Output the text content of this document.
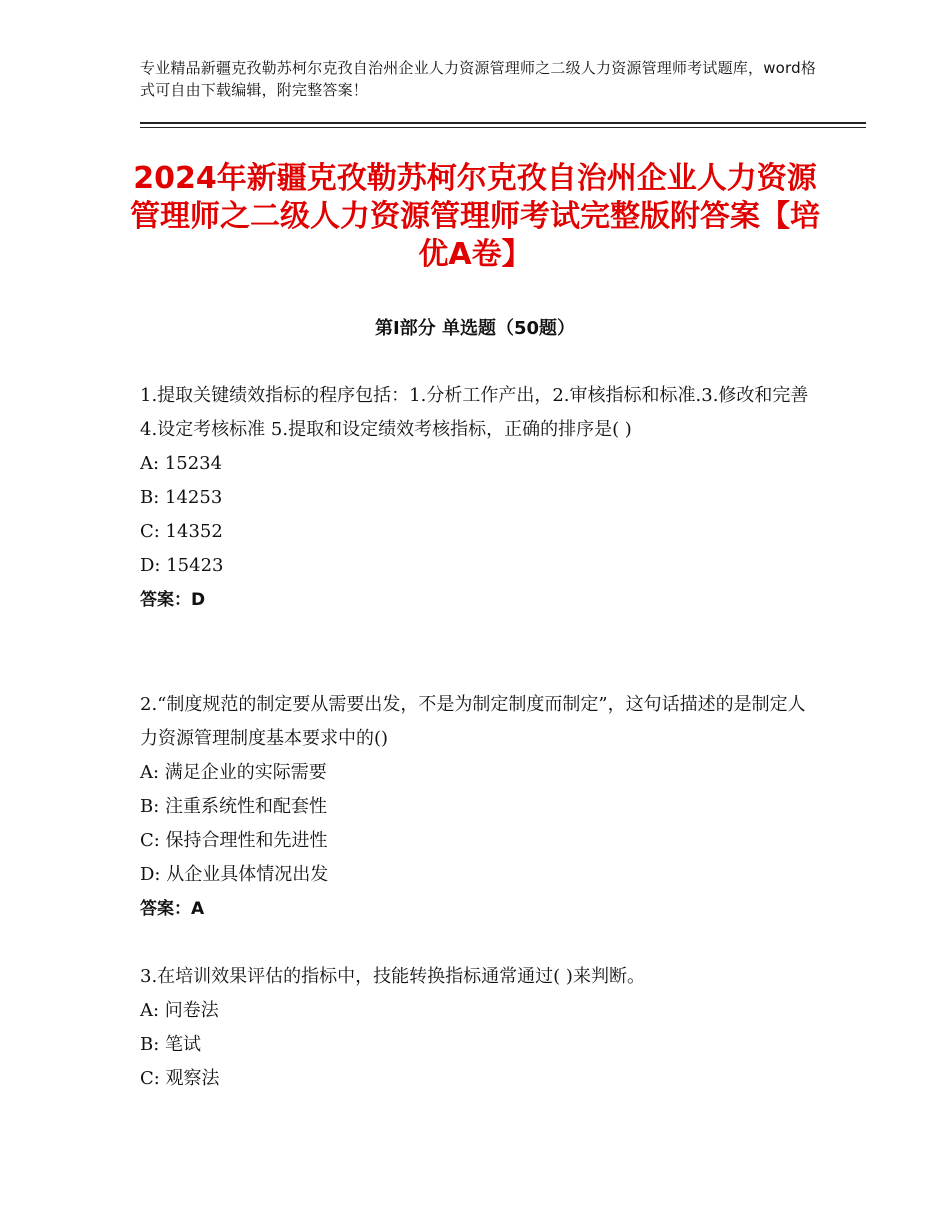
专业精品新疆克孜勒苏柯尔克孜自治州企业人力资源管理师之二级人力资源管理师考试题库，word格式可自由下载编辑，附完整答案！
2024年新疆克孜勒苏柯尔克孜自治州企业人力资源管理师之二级人力资源管理师考试完整版附答案【培优A卷】
第Ⅰ部分 单选题（50题）

1.提取关键绩效指标的程序包括：1.分析工作产出，2.审核指标和标准.3.修改和完善 4.设定考核标准 5.提取和设定绩效考核指标，正确的排序是( )

A: 15234

B: 14253

C: 14352

D: 15423

答案：D

2.“制度规范的制定要从需要出发，不是为制定制度而制定”，这句话描述的是制定人力资源管理制度基本要求中的()

A: 满足企业的实际需要

B: 注重系统性和配套性

C: 保持合理性和先进性

D: 从企业具体情况出发

答案：A

3.在培训效果评估的指标中，技能转换指标通常通过( )来判断。

A: 问卷法

B: 笔试

C: 观察法
